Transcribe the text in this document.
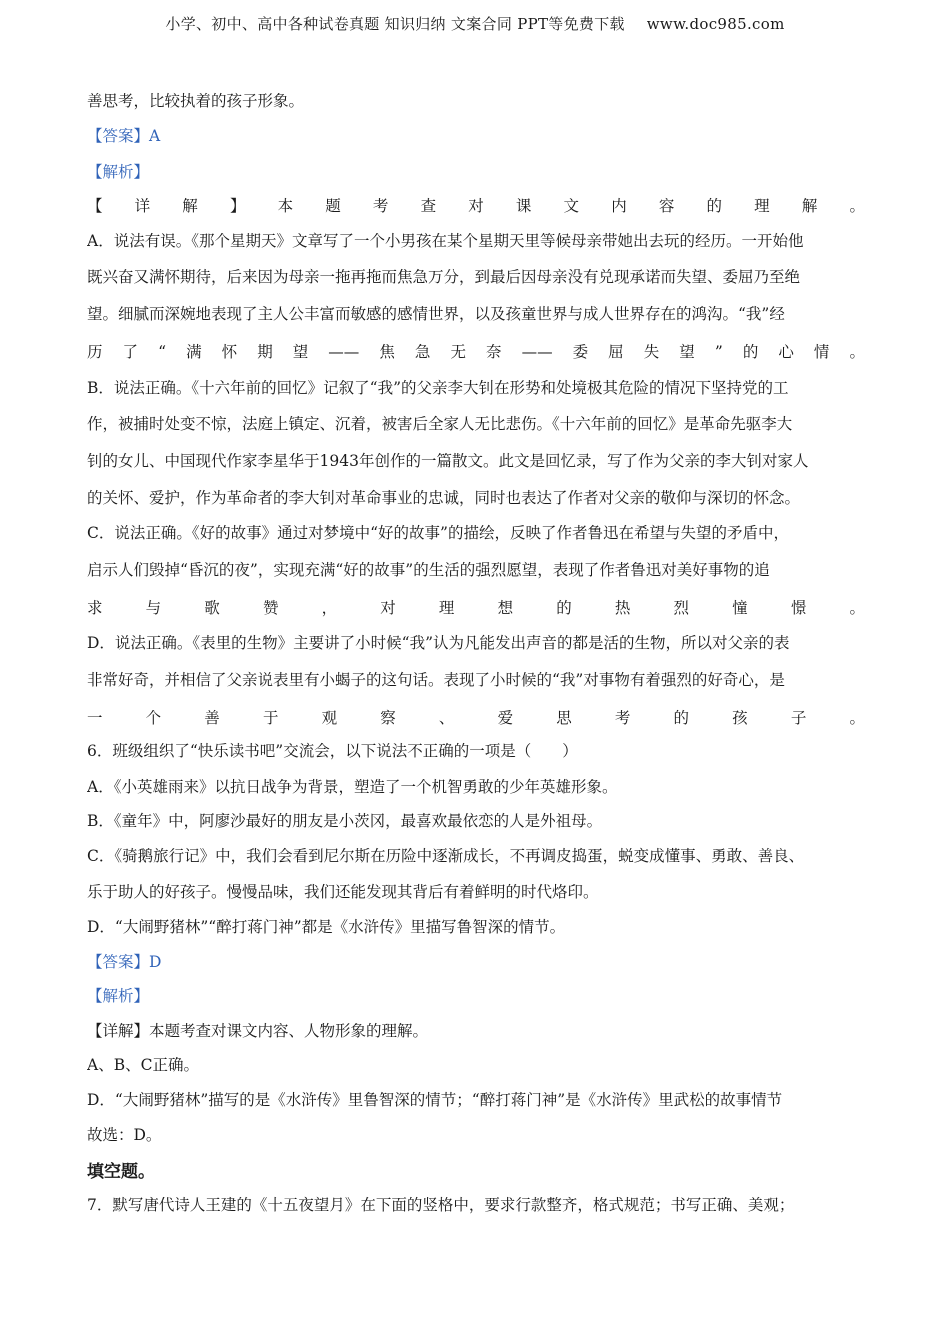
小学、初中、高中各种试卷真题 知识归纳 文案合同 PPT等免费下载 www.doc985.com
善思考，比较执着的孩子形象。
【答案】A
【解析】
【详解】本题考查对课文内容的理解。
A．说法有误。《那个星期天》文章写了一个小男孩在某个星期天里等候母亲带她出去玩的经历。一开始他
既兴奋又满怀期待，后来因为母亲一拖再拖而焦急万分，到最后因母亲没有兑现承诺而失望、委屈乃至绝
望。细腻而深婉地表现了主人公丰富而敏感的感情世界，以及孩童世界与成人世界存在的鸿沟。“我”经
历了“满怀期望——焦急无奈——委屈失望”的心情。
B．说法正确。《十六年前的回忆》记叙了“我”的父亲李大钊在形势和处境极其危险的情况下坚持党的工
作，被捕时处变不惊，法庭上镇定、沉着，被害后全家人无比悲伤。《十六年前的回忆》是革命先驱李大
钊的女儿、中国现代作家李星华于1943年创作的一篇散文。此文是回忆录，写了作为父亲的李大钊对家人
的关怀、爱护，作为革命者的李大钊对革命事业的忠诚，同时也表达了作者对父亲的敬仰与深切的怀念。
C．说法正确。《好的故事》通过对梦境中“好的故事”的描绘，反映了作者鲁迅在希望与失望的矛盾中，
启示人们毁掉“昏沉的夜”，实现充满“好的故事”的生活的强烈愿望，表现了作者鲁迅对美好事物的追
求与歌赞，对理想的热烈憧憬。
D．说法正确。《表里的生物》主要讲了小时候“我”认为凡能发出声音的都是活的生物，所以对父亲的表
非常好奇，并相信了父亲说表里有小蝎子的这句话。表现了小时候的“我”对事物有着强烈的好奇心，是
一个善于观察、爱思考的孩子。
6．班级组织了“快乐读书吧”交流会，以下说法不正确的一项是（　　）
A．《小英雄雨来》以抗日战争为背景，塑造了一个机智勇敢的少年英雄形象。
B．《童年》中，阿廖沙最好的朋友是小茨冈，最喜欢最依恋的人是外祖母。
C．《骑鹅旅行记》中，我们会看到尼尔斯在历险中逐渐成长，不再调皮捣蛋，蜕变成懂事、勇敢、善良、
乐于助人的好孩子。慢慢品味，我们还能发现其背后有着鲜明的时代烙印。
D．“大闹野猪林”“醉打蒋门神”都是《水浒传》里描写鲁智深的情节。
【答案】D
【解析】
【详解】本题考查对课文内容、人物形象的理解。
A、B、C正确。
D．“大闹野猪林”描写的是《水浒传》里鲁智深的情节；“醉打蒋门神”是《水浒传》里武松的故事情节
故选：D。
填空题。
7．默写唐代诗人王建的《十五夜望月》在下面的竖格中，要求行款整齐，格式规范；书写正确、美观；
